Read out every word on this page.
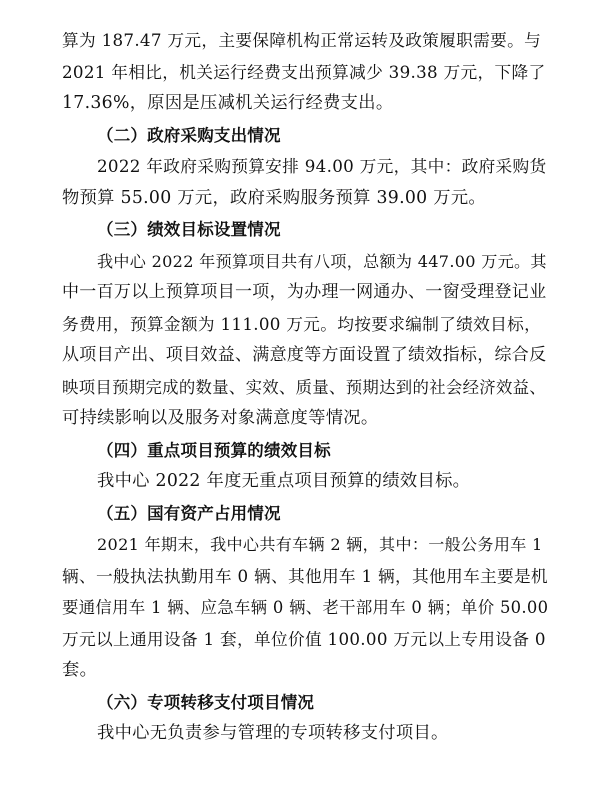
算为 187.47 万元，主要保障机构正常运转及政策履职需要。与
2021 年相比，机关运行经费支出预算减少 39.38 万元，下降了
17.36%，原因是压减机关运行经费支出。
（二）政府采购支出情况
2022 年政府采购预算安排 94.00 万元，其中：政府采购货
物预算 55.00 万元，政府采购服务预算 39.00 万元。
（三）绩效目标设置情况
我中心 2022 年预算项目共有八项，总额为 447.00 万元。其
中一百万以上预算项目一项，为办理一网通办、一窗受理登记业
务费用，预算金额为 111.00 万元。均按要求编制了绩效目标，
从项目产出、项目效益、满意度等方面设置了绩效指标，综合反
映项目预期完成的数量、实效、质量、预期达到的社会经济效益、
可持续影响以及服务对象满意度等情况。
（四）重点项目预算的绩效目标
我中心 2022 年度无重点项目预算的绩效目标。
（五）国有资产占用情况
2021 年期末，我中心共有车辆 2 辆，其中：一般公务用车 1
辆、一般执法执勤用车 0 辆、其他用车 1 辆，其他用车主要是机
要通信用车 1 辆、应急车辆 0 辆、老干部用车 0 辆；单价 50.00
万元以上通用设备 1 套，单位价值 100.00 万元以上专用设备 0
套。
（六）专项转移支付项目情况
我中心无负责参与管理的专项转移支付项目。
